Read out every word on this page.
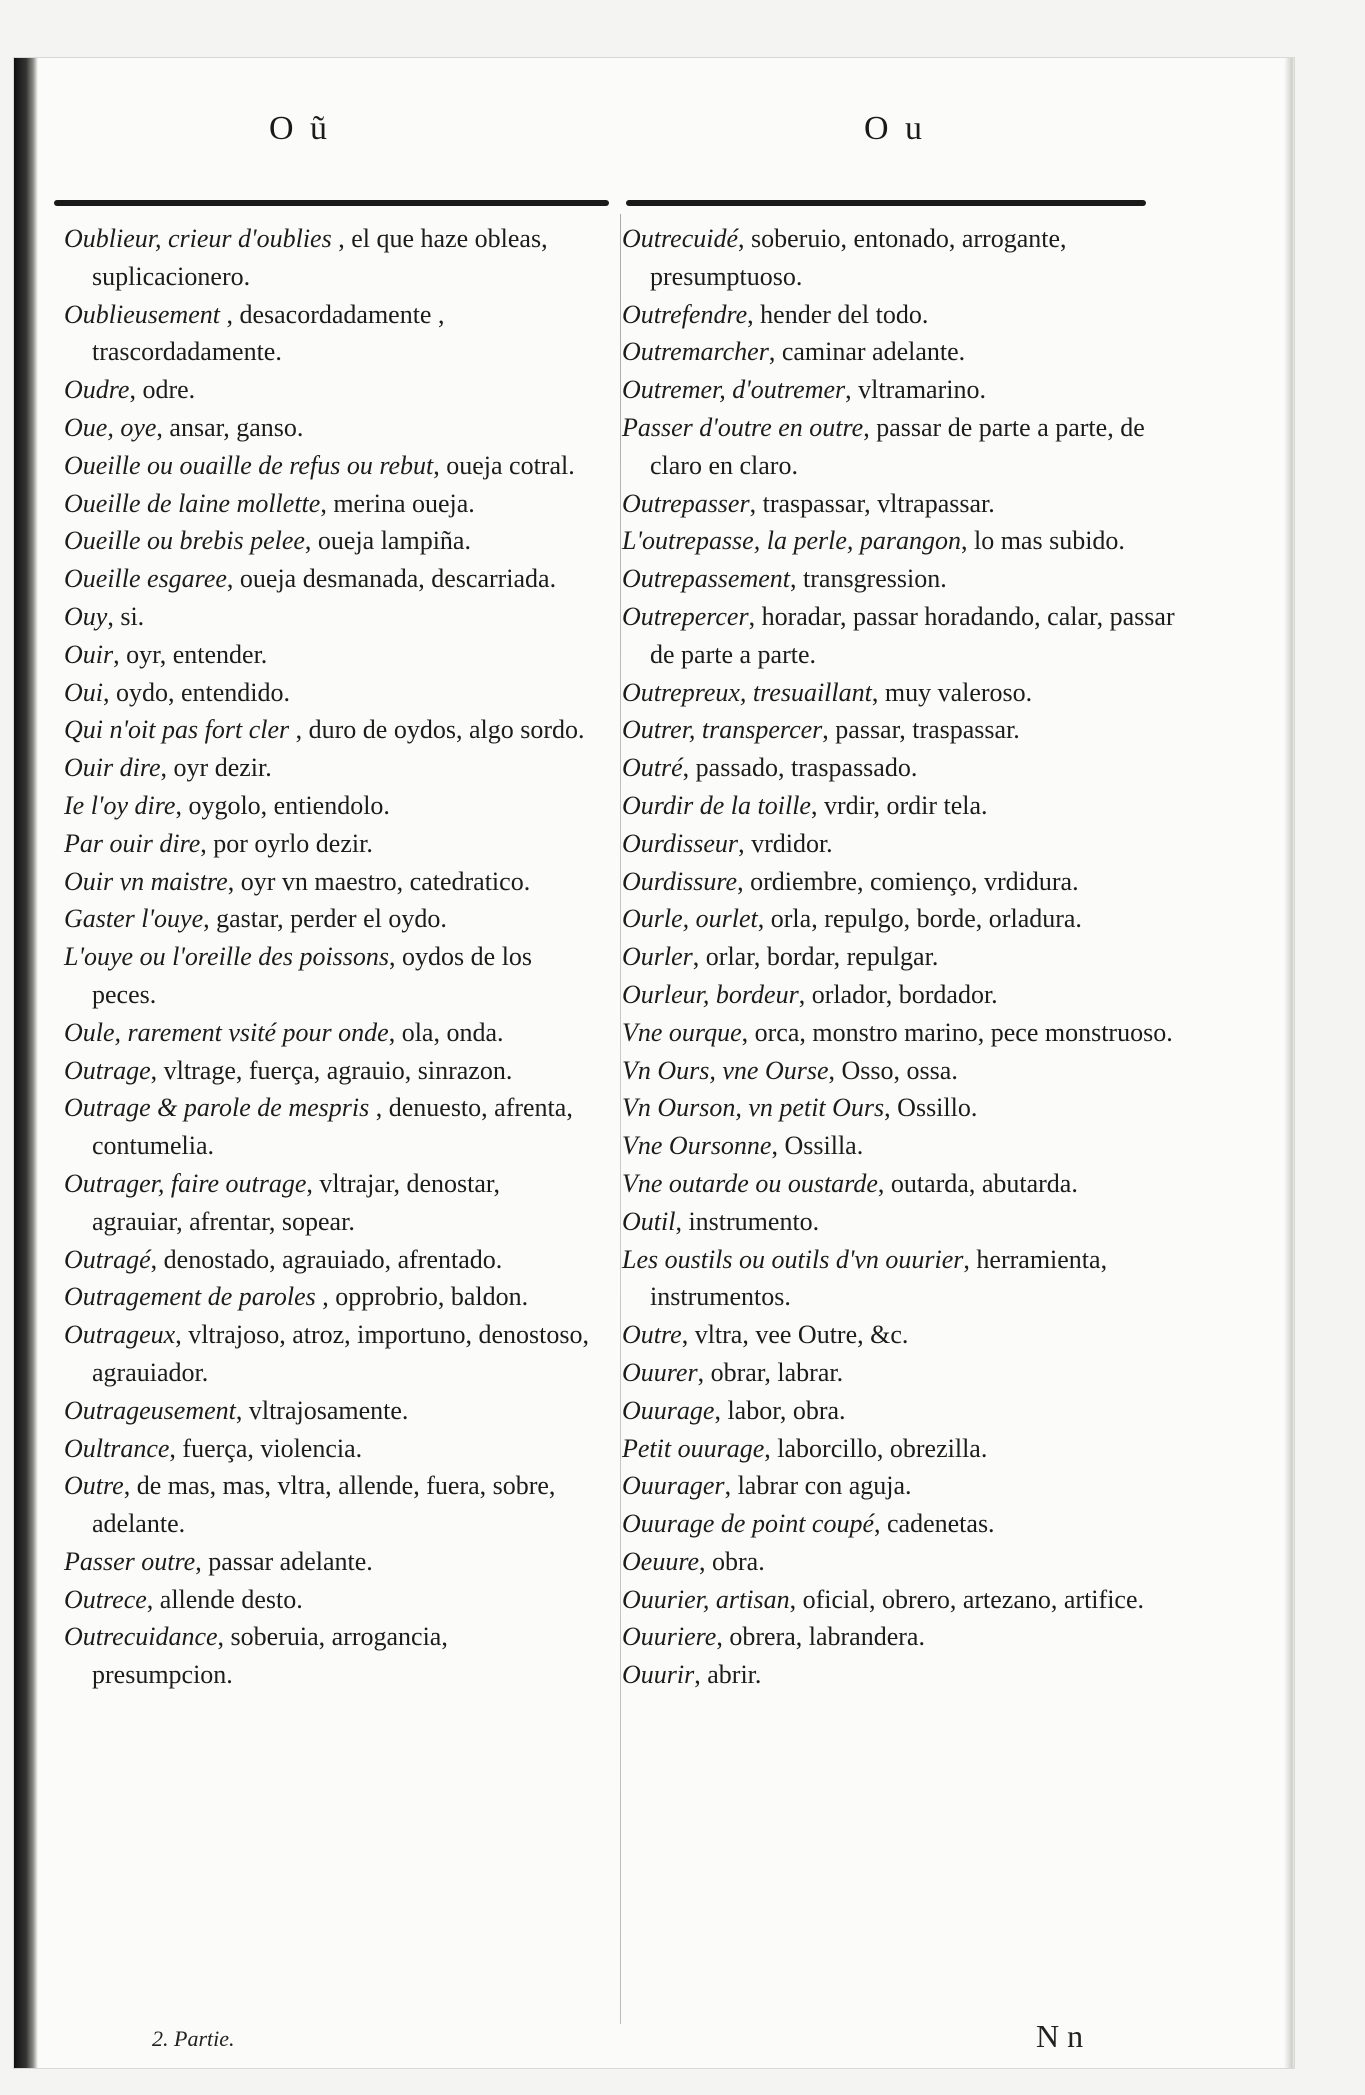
O ũ	O u

Oublieur, crieur d'oublies , el que haze obleas, suplicacionero.

Oublieusement , desacordadamente , trascordadamente.

Oudre, odre.

Oue, oye, ansar, ganso.

Oueille ou ouaille de refus ou rebut, oueja cotral.

Oueille de laine mollette, merina oueja.

Oueille ou brebis pelee, oueja lampiña.

Oueille esgaree, oueja desmanada, descarriada.

Ouy, si.

Ouir, oyr, entender.

Oui, oydo, entendido.

Qui n'oit pas fort cler , duro de oydos, algo sordo.

Ouir dire, oyr dezir.

Ie l'oy dire, oygolo, entiendolo.

Par ouir dire, por oyrlo dezir.

Ouir vn maistre, oyr vn maestro, catedratico.

Gaster l'ouye, gastar, perder el oydo.

L'ouye ou l'oreille des poissons, oydos de los peces.

Oule, rarement vsité pour onde, ola, onda.

Outrage, vltrage, fuerça, agrauio, sinrazon.

Outrage & parole de mespris , denuesto, afrenta, contumelia.

Outrager, faire outrage, vltrajar, denostar, agrauiar, afrentar, sopear.

Outragé, denostado, agrauiado, afrentado.

Outragement de paroles , opprobrio, baldon.

Outrageux, vltrajoso, atroz, importuno, denostoso, agrauiador.

Outrageusement, vltrajosamente.

Oultrance, fuerça, violencia.

Outre, de mas, mas, vltra, allende, fuera, sobre, adelante.

Passer outre, passar adelante.

Outrece, allende desto.

Outrecuidance, soberuia, arrogancia, presumpcion.

Outrecuidé, soberuio, entonado, arrogante, presumptuoso.

Outrefendre, hender del todo.

Outremarcher, caminar adelante.

Outremer, d'outremer, vltramarino.

Passer d'outre en outre, passar de parte a parte, de claro en claro.

Outrepasser, traspassar, vltrapassar.

L'outrepasse, la perle, parangon, lo mas subido.

Outrepassement, transgression.

Outrepercer, horadar, passar horadando, calar, passar de parte a parte.

Outrepreux, tresuaillant, muy valeroso.

Outrer, transpercer, passar, traspassar.

Outré, passado, traspassado.

Ourdir de la toille, vrdir, ordir tela.

Ourdisseur, vrdidor.

Ourdissure, ordiembre, comienço, vrdidura.

Ourle, ourlet, orla, repulgo, borde, orladura.

Ourler, orlar, bordar, repulgar.

Ourleur, bordeur, orlador, bordador.

Vne ourque, orca, monstro marino, pece monstruoso.

Vn Ours, vne Ourse, Osso, ossa.

Vn Ourson, vn petit Ours, Ossillo.

Vne Oursonne, Ossilla.

Vne outarde ou oustarde, outarda, abutarda.

Outil, instrumento.

Les oustils ou outils d'vn ouurier, herramienta, instrumentos.

Outre, vltra, vee Outre, &c.

Ouurer, obrar, labrar.

Ouurage, labor, obra.

Petit ouurage, laborcillo, obrezilla.

Ouurager, labrar con aguja.

Ouurage de point coupé, cadenetas.

Oeuure, obra.

Ouurier, artisan, oficial, obrero, artezano, artifice.

Ouuriere, obrera, labrandera.

Ouurir, abrir.

2. Partie.	N n
